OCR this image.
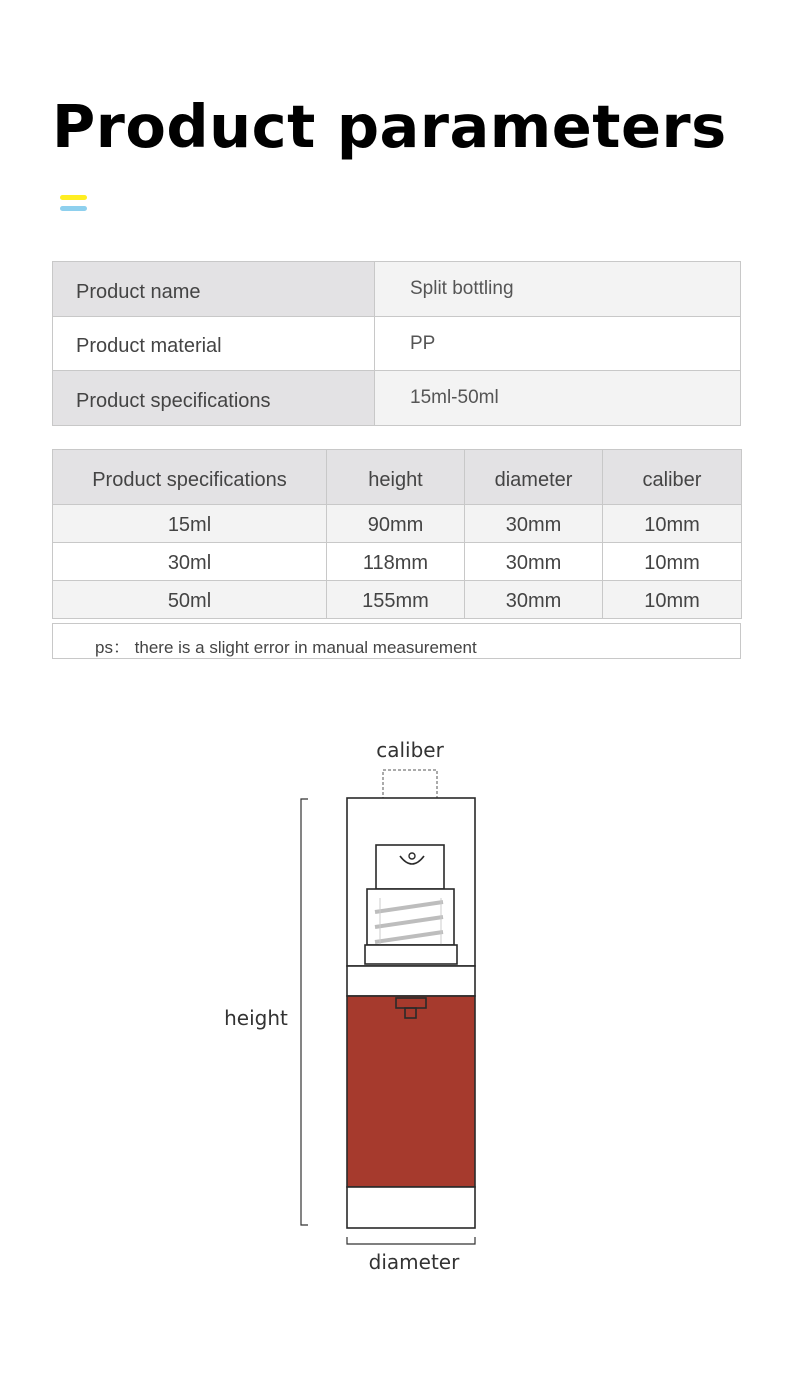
Product parameters
Product name	Split bottling
Product material	PP
Product specifications	15ml-50ml
Product specifications	height	diameter	caliber
15ml	90mm	30mm	10mm
30ml	118mm	30mm	10mm
50ml	155mm	30mm	10mm
ps： there is a slight error in manual measurement
caliber
height
diameter
